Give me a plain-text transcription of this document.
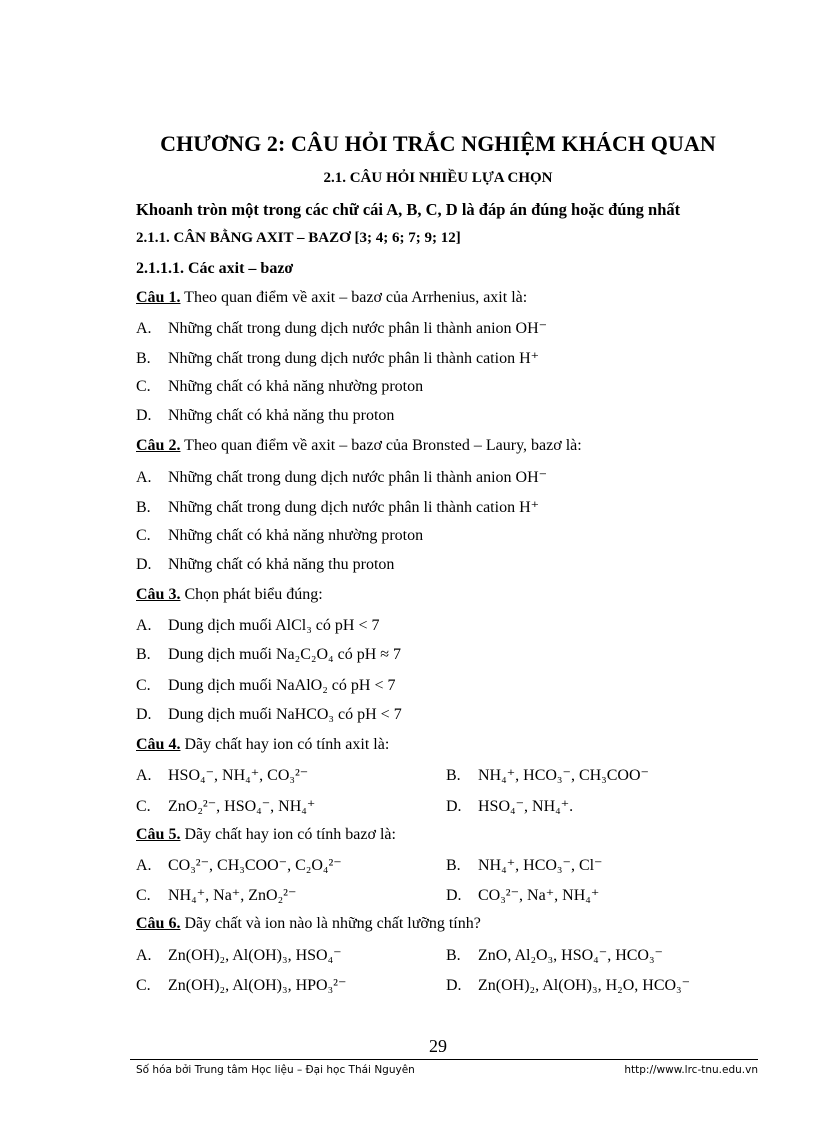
CHƯƠNG 2: CÂU HỎI TRẮC NGHIỆM KHÁCH QUAN
2.1. CÂU HỎI NHIỀU LỰA CHỌN
Khoanh tròn một trong các chữ cái A, B, C, D là đáp án đúng hoặc đúng nhất
2.1.1. CÂN BẰNG AXIT – BAZƠ [3; 4; 6; 7; 9; 12]
2.1.1.1. Các axit – bazơ
Câu 1. Theo quan điểm về axit – bazơ của Arrhenius, axit là:
A. Những chất trong dung dịch nước phân li thành anion OH⁻
B. Những chất trong dung dịch nước phân li thành cation H⁺
C. Những chất có khả năng nhường proton
D. Những chất có khả năng thu proton
Câu 2. Theo quan điểm về axit – bazơ của Bronsted – Laury, bazơ là:
A. Những chất trong dung dịch nước phân li thành anion OH⁻
B. Những chất trong dung dịch nước phân li thành cation H⁺
C. Những chất có khả năng nhường proton
D. Những chất có khả năng thu proton
Câu 3. Chọn phát biểu đúng:
A. Dung dịch muối AlCl₃ có pH < 7
B. Dung dịch muối Na₂C₂O₄ có pH ≈ 7
C. Dung dịch muối NaAlO₂ có pH < 7
D. Dung dịch muối NaHCO₃ có pH < 7
Câu 4. Dãy chất hay ion có tính axit là:
A. HSO₄⁻, NH₄⁺, CO₃²⁻	B. NH₄⁺, HCO₃⁻, CH₃COO⁻
C. ZnO₂²⁻, HSO₄⁻, NH₄⁺	D. HSO₄⁻, NH₄⁺.
Câu 5. Dãy chất hay ion có tính bazơ là:
A. CO₃²⁻, CH₃COO⁻, C₂O₄²⁻	B. NH₄⁺, HCO₃⁻, Cl⁻
C. NH₄⁺, Na⁺, ZnO₂²⁻	D. CO₃²⁻, Na⁺, NH₄⁺
Câu 6. Dãy chất và ion nào là những chất lưỡng tính?
A. Zn(OH)₂, Al(OH)₃, HSO₄⁻	B. ZnO, Al₂O₃, HSO₄⁻, HCO₃⁻
C. Zn(OH)₂, Al(OH)₃, HPO₃²⁻	D. Zn(OH)₂, Al(OH)₃, H₂O, HCO₃⁻
29
Số hóa bởi Trung tâm Học liệu – Đại học Thái Nguyên	http://www.lrc-tnu.edu.vn
